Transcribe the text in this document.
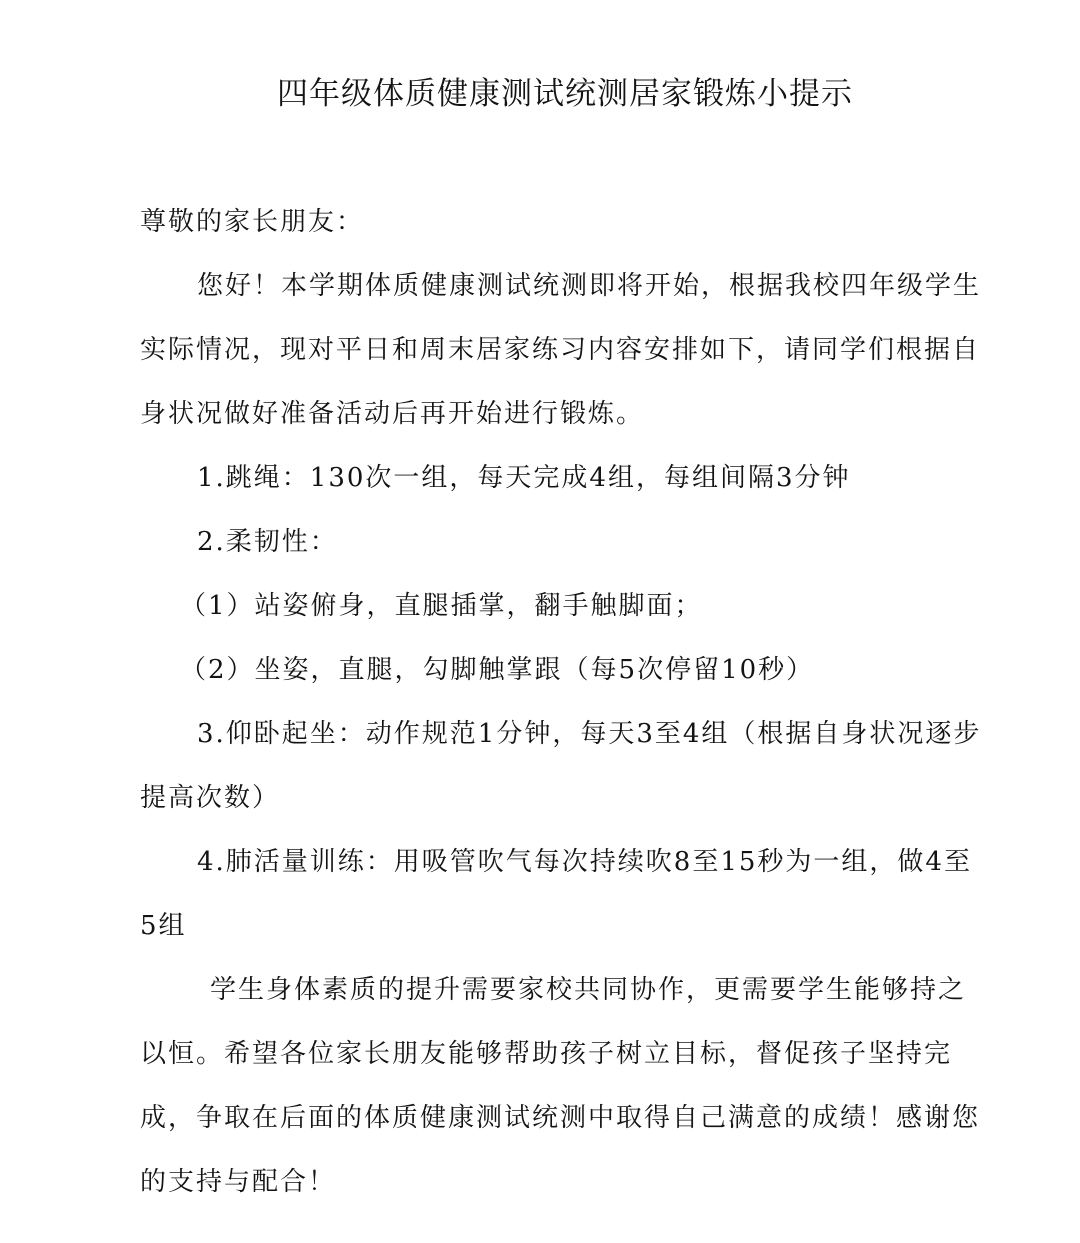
四年级体质健康测试统测居家锻炼小提示

尊敬的家长朋友：

您好！本学期体质健康测试统测即将开始，根据我校四年级学生实际情况，现对平日和周末居家练习内容安排如下，请同学们根据自身状况做好准备活动后再开始进行锻炼。

1.跳绳：130次一组，每天完成4组，每组间隔3分钟

2.柔韧性：

（1）站姿俯身，直腿插掌，翻手触脚面；

（2）坐姿，直腿，勾脚触掌跟（每5次停留10秒）

3.仰卧起坐：动作规范1分钟，每天3至4组（根据自身状况逐步提高次数）

4.肺活量训练：用吸管吹气每次持续吹8至15秒为一组，做4至5组

学生身体素质的提升需要家校共同协作，更需要学生能够持之以恒。希望各位家长朋友能够帮助孩子树立目标，督促孩子坚持完成，争取在后面的体质健康测试统测中取得自己满意的成绩！感谢您的支持与配合！
